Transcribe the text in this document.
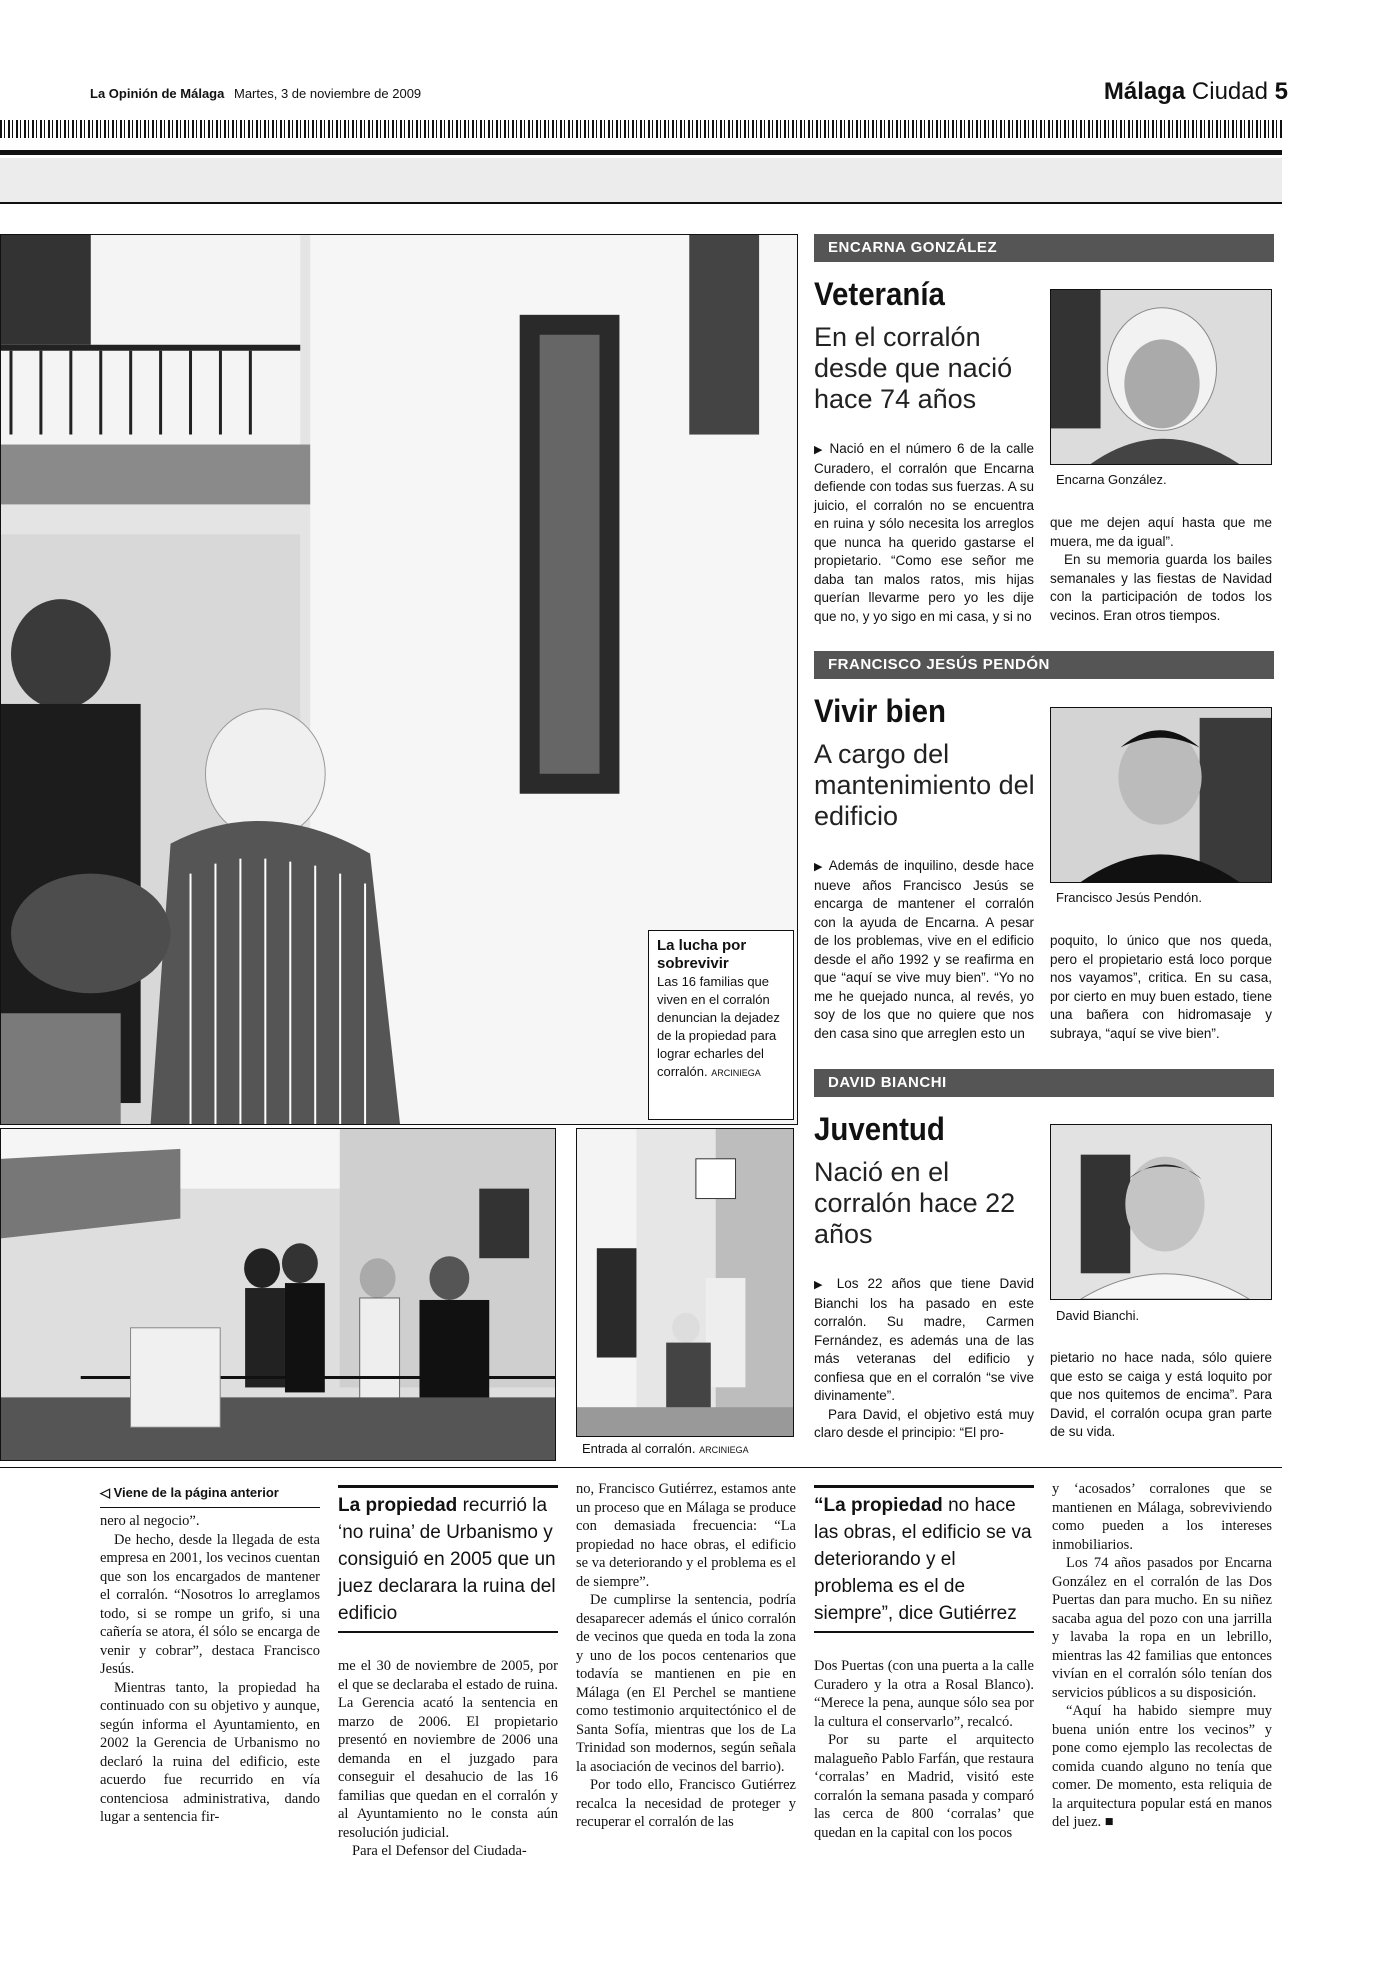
La Opinión de Málaga Martes, 3 de noviembre de 2009	Málaga Ciudad 5
La lucha por sobrevivir
Las 16 familias que viven en el corralón denuncian la dejadez de la propiedad para lograr echarles del corralón. ARCINIEGA
Entrada al corralón. ARCINIEGA
ENCARNA GONZÁLEZ
Veteranía
En el corralón desde que nació hace 74 años
Encarna González.
▶ Nació en el número 6 de la calle Curadero, el corralón que Encarna defiende con todas sus fuerzas. A su juicio, el corralón no se encuentra en ruina y sólo necesita los arreglos que nunca ha querido gastarse el propietario. “Como ese señor me daba tan malos ratos, mis hijas querían llevarme pero yo les dije que no, y yo sigo en mi casa, y si no

que me dejen aquí hasta que me muera, me da igual”.

En su memoria guarda los bailes semanales y las fiestas de Navidad con la participación de todos los vecinos. Eran otros tiempos.

FRANCISCO JESÚS PENDÓN
Vivir bien
A cargo del mantenimiento del edificio
Francisco Jesús Pendón.
▶ Además de inquilino, desde hace nueve años Francisco Jesús se encarga de mantener el corralón con la ayuda de Encarna. A pesar de los problemas, vive en el edificio desde el año 1992 y se reafirma en que “aquí se vive muy bien”. “Yo no me he quejado nunca, al revés, yo soy de los que no quiere que nos den casa sino que arreglen esto un

poquito, lo único que nos queda, pero el propietario está loco porque nos vayamos”, critica. En su casa, por cierto en muy buen estado, tiene una bañera con hidromasaje y subraya, “aquí se vive bien”.

DAVID BIANCHI
Juventud
Nació en el corralón hace 22 años
David Bianchi.

▶ Los 22 años que tiene David Bianchi los ha pasado en este corralón. Su madre, Carmen Fernández, es además una de las más veteranas del edificio y confiesa que en el corralón “se vive divinamente”.

Para David, el objetivo está muy claro desde el principio: “El pro-

pietario no hace nada, sólo quiere que esto se caiga y está loquito por que nos quitemos de encima”. Para David, el corralón ocupa gran parte de su vida.

◁ Viene de la página anterior

nero al negocio”.

De hecho, desde la llegada de esta empresa en 2001, los vecinos cuentan que son los encargados de mantener el corralón. “Nosotros lo arreglamos todo, si se rompe un grifo, si una cañería se atora, él sólo se encarga de venir y cobrar”, destaca Francisco Jesús.

Mientras tanto, la propiedad ha continuado con su objetivo y aunque, según informa el Ayuntamiento, en 2002 la Gerencia de Urbanismo no declaró la ruina del edificio, este acuerdo fue recurrido en vía contenciosa administrativa, dando lugar a sentencia fir-

La propiedad recurrió la ‘no ruina’ de Urbanismo y consiguió en 2005 que un juez declarara la ruina del edificio

me el 30 de noviembre de 2005, por el que se declaraba el estado de ruina. La Gerencia acató la sentencia en marzo de 2006. El propietario presentó en noviembre de 2006 una demanda en el juzgado para conseguir el desahucio de las 16 familias que quedan en el corralón y al Ayuntamiento no le consta aún resolución judicial.

Para el Defensor del Ciudada-

no, Francisco Gutiérrez, estamos ante un proceso que en Málaga se produce con demasiada frecuencia: “La propiedad no hace obras, el edificio se va deteriorando y el problema es el de siempre”.

De cumplirse la sentencia, podría desaparecer además el único corralón de vecinos que queda en toda la zona y uno de los pocos centenarios que todavía se mantienen en pie en Málaga (en El Perchel se mantiene como testimonio arquitectónico el de Santa Sofía, mientras que los de La Trinidad son modernos, según señala la asociación de vecinos del barrio).

Por todo ello, Francisco Gutiérrez recalca la necesidad de proteger y recuperar el corralón de las

“La propiedad no hace las obras, el edificio se va deteriorando y el problema es el de siempre”, dice Gutiérrez

Dos Puertas (con una puerta a la calle Curadero y la otra a Rosal Blanco). “Merece la pena, aunque sólo sea por la cultura el conservarlo”, recalcó.

Por su parte el arquitecto malagueño Pablo Farfán, que restaura ‘corralas’ en Madrid, visitó este corralón la semana pasada y comparó las cerca de 800 ‘corralas’ que quedan en la capital con los pocos

y ‘acosados’ corralones que se mantienen en Málaga, sobreviviendo como pueden a los intereses inmobiliarios.

Los 74 años pasados por Encarna González en el corralón de las Dos Puertas dan para mucho. En su niñez sacaba agua del pozo con una jarrilla y lavaba la ropa en un lebrillo, mientras las 42 familias que entonces vivían en el corralón sólo tenían dos servicios públicos a su disposición.

“Aquí ha habido siempre muy buena unión entre los vecinos” y pone como ejemplo las recolectas de comida cuando alguno no tenía que comer. De momento, esta reliquia de la arquitectura popular está en manos del juez. ■
